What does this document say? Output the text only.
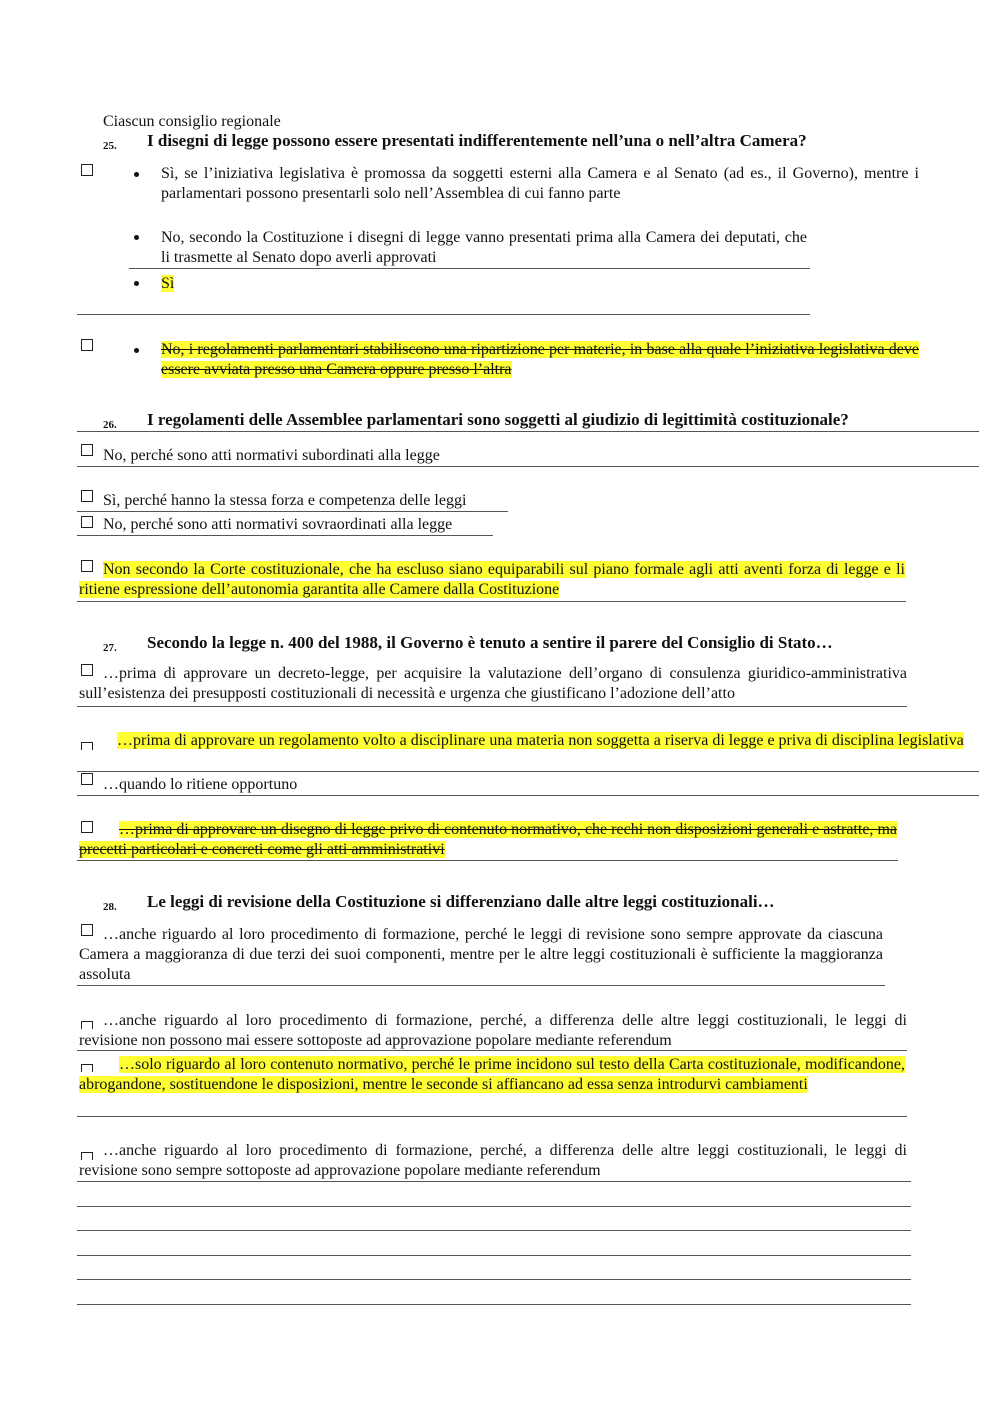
Ciascun consiglio regionale
25. I disegni di legge possono essere presentati indifferentemente nell’una o nell’altra Camera?
Sì, se l’iniziativa legislativa è promossa da soggetti esterni alla Camera e al Senato (ad es., il Governo), mentre i parlamentari possono presentarli solo nell’Assemblea di cui fanno parte
No, secondo la Costituzione i disegni di legge vanno presentati prima alla Camera dei deputati, che li trasmette al Senato dopo averli approvati
Sì
No, i regolamenti parlamentari stabiliscono una ripartizione per materie, in base alla quale l’iniziativa legislativa deve essere avviata presso una Camera oppure presso l’altra
26. I regolamenti delle Assemblee parlamentari sono soggetti al giudizio di legittimità costituzionale?
No, perché sono atti normativi subordinati alla legge
Sì, perché hanno la stessa forza e competenza delle leggi
No, perché sono atti normativi sovraordinati alla legge
Non secondo la Corte costituzionale, che ha escluso siano equiparabili sul piano formale agli atti aventi forza di legge e li ritiene espressione dell’autonomia garantita alle Camere dalla Costituzione
27. Secondo la legge n. 400 del 1988, il Governo è tenuto a sentire il parere del Consiglio di Stato…
…prima di approvare un decreto-legge, per acquisire la valutazione dell’organo di consulenza giuridico-amministrativa sull’esistenza dei presupposti costituzionali di necessità e urgenza che giustificano l’adozione dell’atto
…prima di approvare un regolamento volto a disciplinare una materia non soggetta a riserva di legge e priva di disciplina legislativa
…quando lo ritiene opportuno
…prima di approvare un disegno di legge privo di contenuto normativo, che rechi non disposizioni generali e astratte, ma precetti particolari e concreti come gli atti amministrativi
28. Le leggi di revisione della Costituzione si differenziano dalle altre leggi costituzionali…
…anche riguardo al loro procedimento di formazione, perché le leggi di revisione sono sempre approvate da ciascuna Camera a maggioranza di due terzi dei suoi componenti, mentre per le altre leggi costituzionali è sufficiente la maggioranza assoluta
…anche riguardo al loro procedimento di formazione, perché, a differenza delle altre leggi costituzionali, le leggi di revisione non possono mai essere sottoposte ad approvazione popolare mediante referendum
…solo riguardo al loro contenuto normativo, perché le prime incidono sul testo della Carta costituzionale, modificandone, abrogandone, sostituendone le disposizioni, mentre le seconde si affiancano ad essa senza introdurvi cambiamenti
…anche riguardo al loro procedimento di formazione, perché, a differenza delle altre leggi costituzionali, le leggi di revisione sono sempre sottoposte ad approvazione popolare mediante referendum
